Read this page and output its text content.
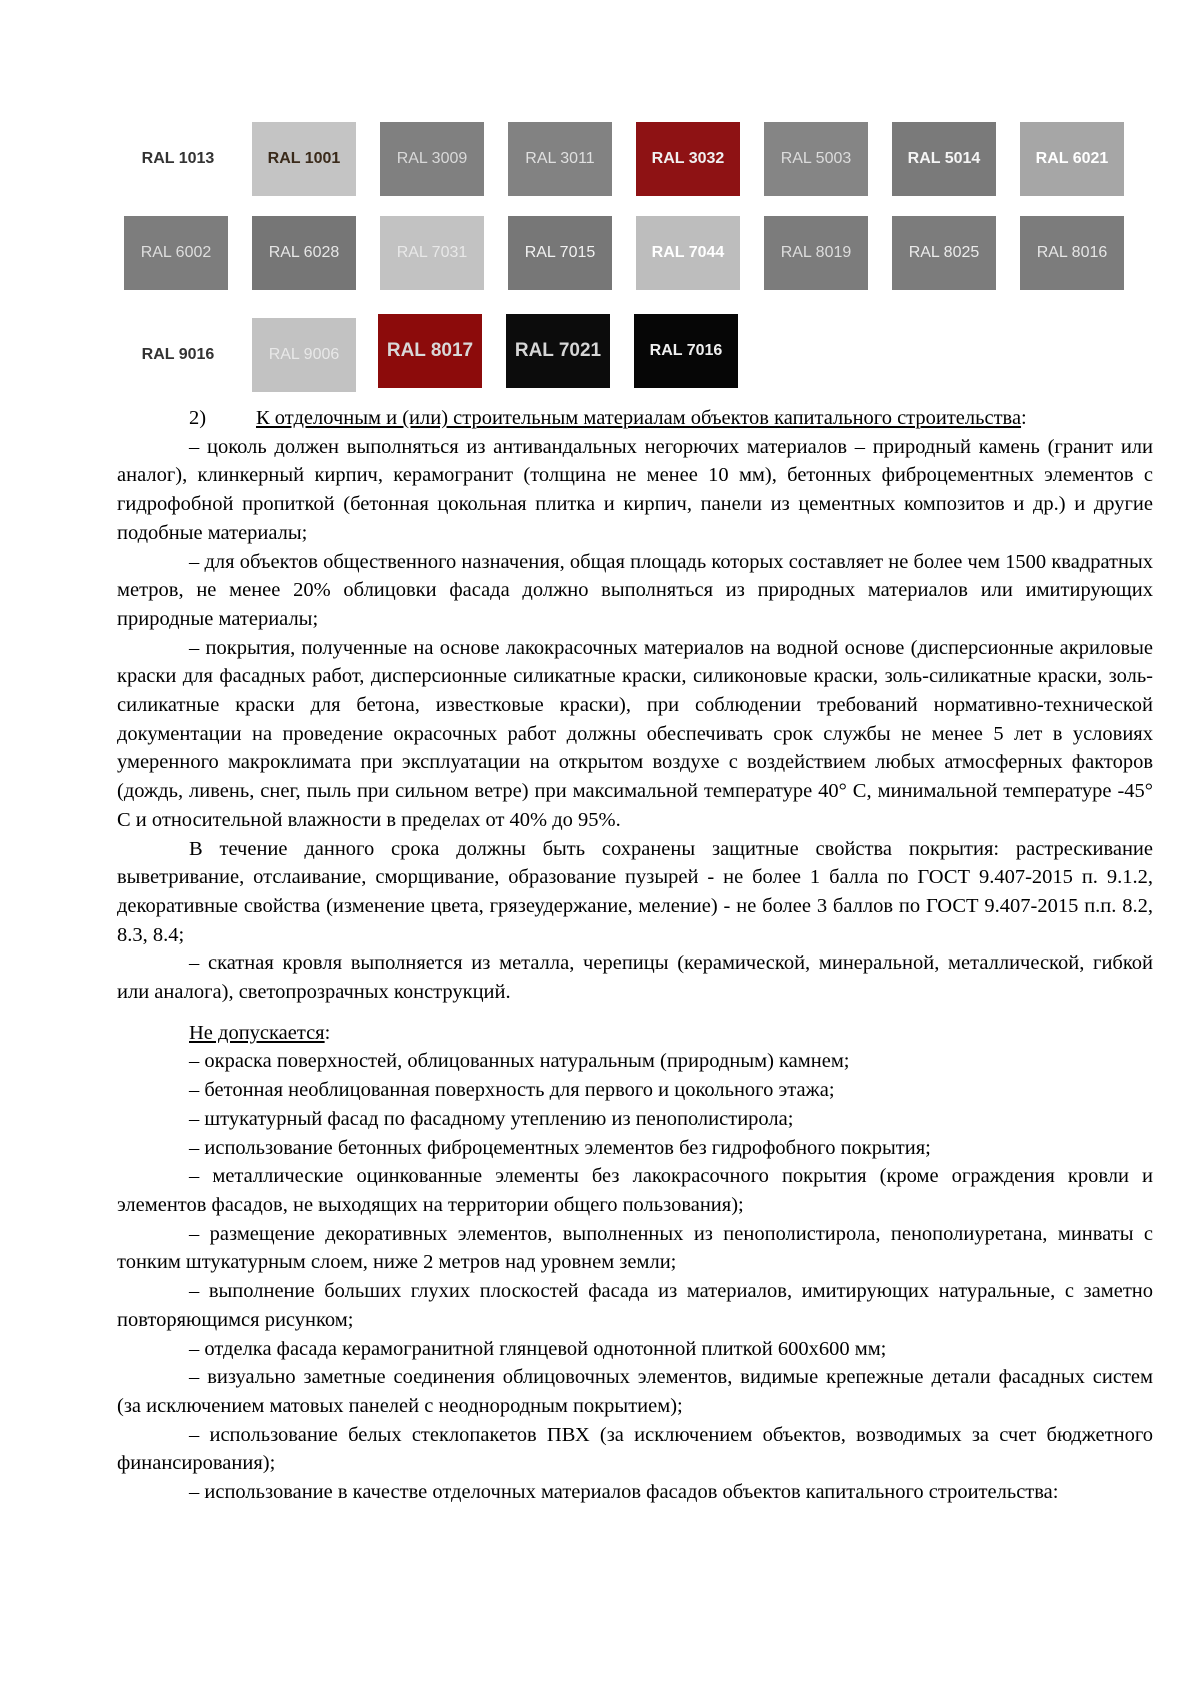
RAL 1013	RAL 1001	RAL 3009	RAL 3011	RAL 3032	RAL 5003	RAL 5014	RAL 6021
RAL 6002	RAL 6028	RAL 7031	RAL 7015	RAL 7044	RAL 8019	RAL 8025	RAL 8016
RAL 9016	RAL 9006	RAL 8017	RAL 7021	RAL 7016

2)	К отделочным и (или) строительным материалам объектов капитального строительства:

– цоколь должен выполняться из антивандальных негорючих материалов – природный камень (гранит или аналог), клинкерный кирпич, керамогранит (толщина не менее 10 мм), бетонных фиброцементных элементов с гидрофобной пропиткой (бетонная цокольная плитка и кирпич, панели из цементных композитов и др.) и другие подобные материалы;

– для объектов общественного назначения, общая площадь которых составляет не более чем 1500 квадратных метров, не менее 20% облицовки фасада должно выполняться из природных материалов или имитирующих природные материалы;

– покрытия, полученные на основе лакокрасочных материалов на водной основе (дисперсионные акриловые краски для фасадных работ, дисперсионные силикатные краски, силиконовые краски, золь-силикатные краски, золь-силикатные краски для бетона, известковые краски), при соблюдении требований нормативно-технической документации на проведение окрасочных работ должны обеспечивать срок службы не менее 5 лет в условиях умеренного макроклимата при эксплуатации на открытом воздухе с воздействием любых атмосферных факторов (дождь, ливень, снег, пыль при сильном ветре) при максимальной температуре 40° С, минимальной температуре -45° С и относительной влажности в пределах от 40% до 95%.

В течение данного срока должны быть сохранены защитные свойства покрытия: растрескивание выветривание, отслаивание, сморщивание, образование пузырей - не более 1 балла по ГОСТ 9.407-2015 п. 9.1.2, декоративные свойства (изменение цвета, грязеудержание, меление) - не более 3 баллов по ГОСТ 9.407-2015 п.п. 8.2, 8.3, 8.4;

– скатная кровля выполняется из металла, черепицы (керамической, минеральной, металлической, гибкой или аналога), светопрозрачных конструкций.

Не допускается:

– окраска поверхностей, облицованных натуральным (природным) камнем;

– бетонная необлицованная поверхность для первого и цокольного этажа;

– штукатурный фасад по фасадному утеплению из пенополистирола;

– использование бетонных фиброцементных элементов без гидрофобного покрытия;

– металлические оцинкованные элементы без лакокрасочного покрытия (кроме ограждения кровли и элементов фасадов, не выходящих на территории общего пользования);

– размещение декоративных элементов, выполненных из пенополистирола, пенополиуретана, минваты с тонким штукатурным слоем, ниже 2 метров над уровнем земли;

– выполнение больших глухих плоскостей фасада из материалов, имитирующих натуральные, с заметно повторяющимся рисунком;

– отделка фасада керамогранитной глянцевой однотонной плиткой 600х600 мм;

– визуально заметные соединения облицовочных элементов, видимые крепежные детали фасадных систем (за исключением матовых панелей с неоднородным покрытием);

– использование белых стеклопакетов ПВХ (за исключением объектов, возводимых за счет бюджетного финансирования);

– использование в качестве отделочных материалов фасадов объектов капитального строительства:
